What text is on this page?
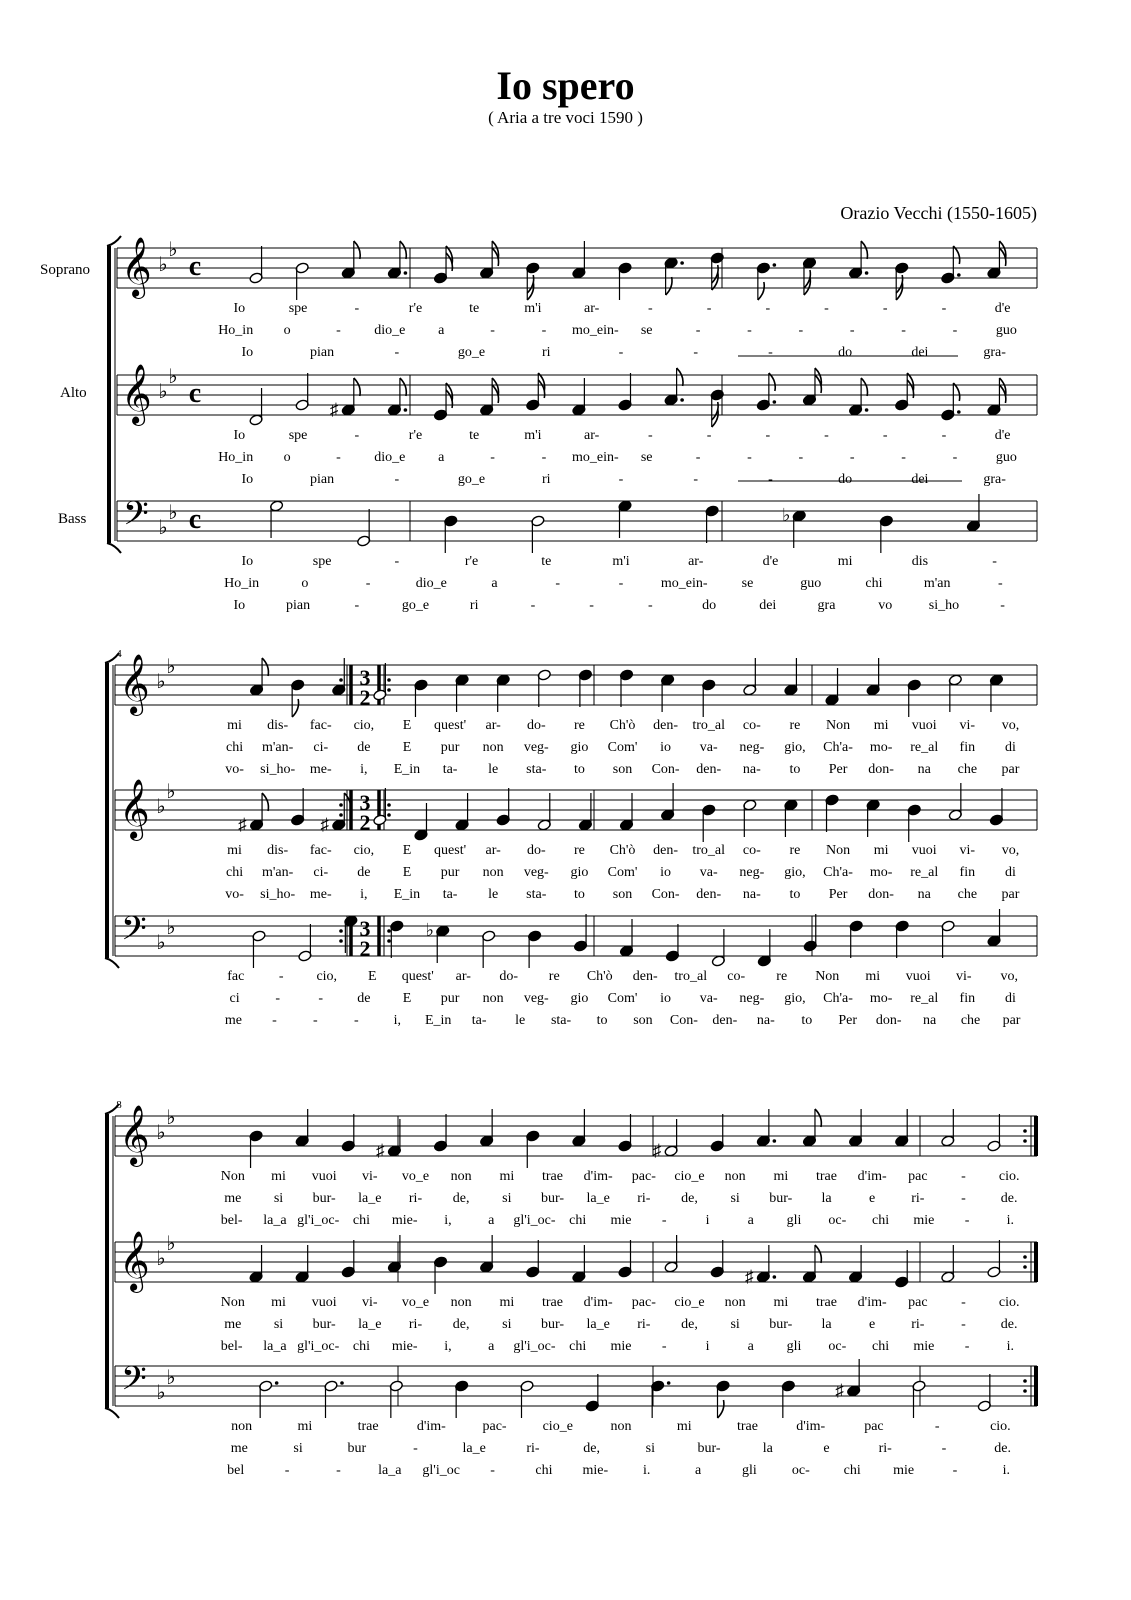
Io spero
( Aria a tre voci 1590 )
Orazio Vecchi (1550-1605)
Soprano
Alto
Bass
𝄞 ♭
♭
c
Io	spe	-	r'e	te	m'i	ar-	-	-	-	-	-	-	d'e
Ho_in o	- dio_e a	-	- mo_ein- se	-	-	-	-	-	-	guo
Io	pian	-	go_e	ri	-	-	-	do	dei	gra-
𝄞 ♭
♭
c
♯
Io	spe	-	r'e	te	m'i	ar-	-	-	-	-	-	-	d'e
Ho_in o	- dio_e a	-	- mo_ein- se	-	-	-	-	-	-	guo
Io	pian	-	go_e	ri	-	-	-	do	dei	gra-
𝄢 ♭
♭ c	♭
Io	spe	-	r'e	te	m'i	ar-	d'e	mi	dis	-
Ho_in	o	-	dio_e	a	-	-	mo_ein- se	guo	chi	m'an	-
Io	pian	-	go_e	ri	-	-	-	do	dei	gra	vo	si_ho	-
4
𝄞 ♭
♭	3
2
mi dis- fac- cio, E quest' ar- do- re Ch'ò den- tro_al co- re Non mi vuoi vi- vo,
chi m'an- ci- de E pur non veg- gio Com' io va- neg- gio, Ch'a- mo- re_al fin di
vo- si_ho- me- i, E_in ta- le sta- to son Con- den- na- to Per don- na che par
𝄞 ♭
♭	3
2
♯	♯
mi dis- fac- cio, E quest' ar- do- re Ch'ò den- tro_al co- re Non mi vuoi vi- vo,
chi m'an- ci- de E pur non veg- gio Com' io va- neg- gio, Ch'a- mo- re_al fin di
vo- si_ho- me- i, E_in ta- le sta- to son Con- den- na- to Per don- na che par
𝄢 ♭
♭	3
2
♭
fac - cio, E quest' ar- do- re Ch'ò den- tro_al co- re Non mi vuoi vi- vo,
ci	-	- de E pur non veg- gio Com' io va- neg- gio, Ch'a- mo- re_al fin di
me -	-	- i, E_in ta- le sta- to son Con- den- na- to Per don- na che par
8
𝄞 ♭
♭
♯	♯
Non mi vuoi vi- vo_e non mi trae d'im- pac- cio_e non mi trae d'im- pac - cio.
me si bur- la_e ri- de, si bur- la_e ri- de, si bur- la	e	ri-	- de.
bel- la_a gl'i_oc- chi mie- i,	a gl'i_oc- chi mie -	i	a gli oc- chi mie -	i.
𝄞 ♭
♭
♯
Non mi vuoi vi- vo_e non mi trae d'im- pac- cio_e non mi trae d'im- pac - cio.
me si bur- la_e ri- de, si bur- la_e ri- de, si bur- la	e	ri-	- de.
bel- la_a gl'i_oc- chi mie- i,	a gl'i_oc- chi mie -	i	a gli oc- chi mie -	i.
𝄢 ♭
♭
♯
non	mi	trae	d'im-	pac-	cio_e	non	mi	trae	d'im-	pac	-	cio.
me	si	bur	-	la_e	ri-	de,	si	bur-	la	e	ri-	-	de.
bel	-	-	la_a gl'i_oc -	chi mie- i.	a	gli	oc- chi mie	-	i.
